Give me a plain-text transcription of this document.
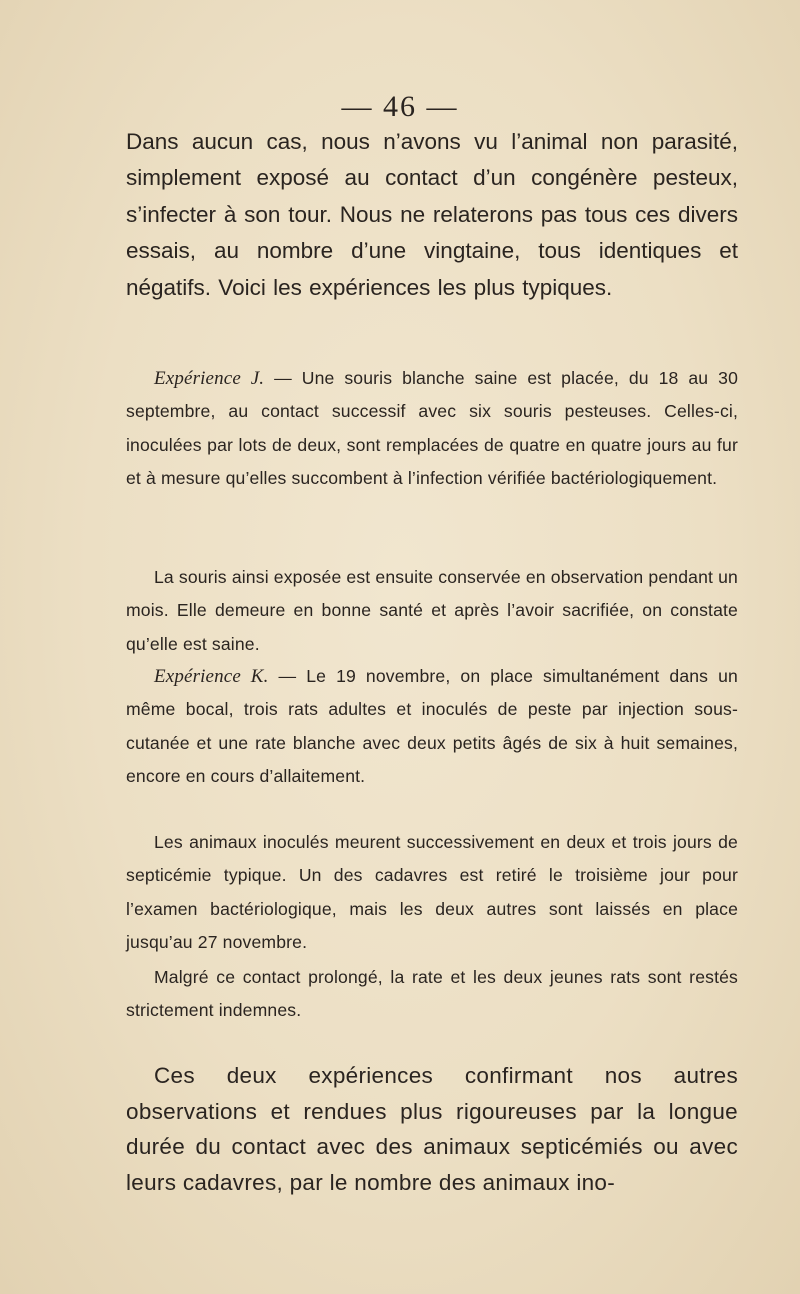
— 46 —

Dans aucun cas, nous n’avons vu l’animal non parasité, simplement exposé au contact d’un congénère pesteux, s’infecter à son tour. Nous ne relaterons pas tous ces divers essais, au nombre d’une vingtaine, tous identiques et négatifs. Voici les expériences les plus typiques.

Expérience J. — Une souris blanche saine est placée, du 18 au 30 septembre, au contact successif avec six souris pesteuses. Celles-ci, inoculées par lots de deux, sont remplacées de quatre en quatre jours au fur et à mesure qu’elles succombent à l’infection vérifiée bactériologiquement.

La souris ainsi exposée est ensuite conservée en observation pendant un mois. Elle demeure en bonne santé et après l’avoir sacrifiée, on constate qu’elle est saine.

Expérience K. — Le 19 novembre, on place simultanément dans un même bocal, trois rats adultes et inoculés de peste par injection sous-cutanée et une rate blanche avec deux petits âgés de six à huit semaines, encore en cours d’allaitement.

Les animaux inoculés meurent successivement en deux et trois jours de septicémie typique. Un des cadavres est retiré le troisième jour pour l’examen bactériologique, mais les deux autres sont laissés en place jusqu’au 27 novembre.

Malgré ce contact prolongé, la rate et les deux jeunes rats sont restés strictement indemnes.

Ces deux expériences confirmant nos autres observations et rendues plus rigoureuses par la longue durée du contact avec des animaux septicémiés ou avec leurs cadavres, par le nombre des animaux ino-
